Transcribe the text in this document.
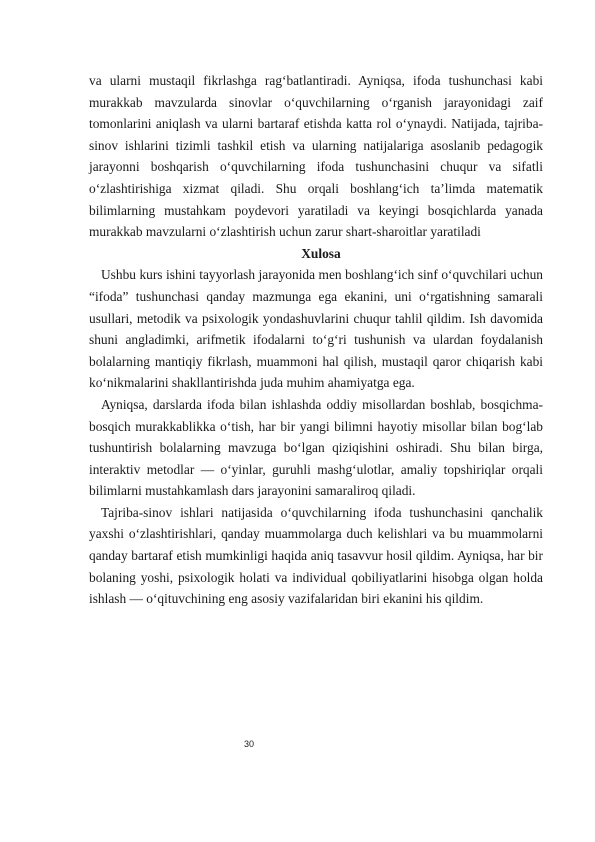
va ularni mustaqil fikrlashga rag‘batlantiradi. Ayniqsa, ifoda tushunchasi kabi murakkab mavzularda sinovlar o‘quvchilarning o‘rganish jarayonidagi zaif tomonlarini aniqlash va ularni bartaraf etishda katta rol o‘ynaydi. Natijada, tajriba-sinov ishlarini tizimli tashkil etish va ularning natijalariga asoslanib pedagogik jarayonni boshqarish o‘quvchilarning ifoda tushunchasini chuqur va sifatli o‘zlashtirishiga xizmat qiladi. Shu orqali boshlang‘ich ta’limda matematik bilimlarning mustahkam poydevori yaratiladi va keyingi bosqichlarda yanada murakkab mavzularni o‘zlashtirish uchun zarur shart-sharoitlar yaratiladi

Xulosa

Ushbu kurs ishini tayyorlash jarayonida men boshlang‘ich sinf o‘quvchilari uchun “ifoda” tushunchasi qanday mazmunga ega ekanini, uni o‘rgatishning samarali usullari, metodik va psixologik yondashuvlarini chuqur tahlil qildim. Ish davomida shuni angladimki, arifmetik ifodalarni to‘g‘ri tushunish va ulardan foydalanish bolalarning mantiqiy fikrlash, muammoni hal qilish, mustaqil qaror chiqarish kabi ko‘nikmalarini shakllantirishda juda muhim ahamiyatga ega.

Ayniqsa, darslarda ifoda bilan ishlashda oddiy misollardan boshlab, bosqichma-bosqich murakkablikka o‘tish, har bir yangi bilimni hayotiy misollar bilan bog‘lab tushuntirish bolalarning mavzuga bo‘lgan qiziqishini oshiradi. Shu bilan birga, interaktiv metodlar — o‘yinlar, guruhli mashg‘ulotlar, amaliy topshiriqlar orqali bilimlarni mustahkamlash dars jarayonini samaraliroq qiladi.

Tajriba-sinov ishlari natijasida o‘quvchilarning ifoda tushunchasini qanchalik yaxshi o‘zlashtirishlari, qanday muammolarga duch kelishlari va bu muammolarni qanday bartaraf etish mumkinligi haqida aniq tasavvur hosil qildim. Ayniqsa, har bir bolaning yoshi, psixologik holati va individual qobiliyatlarini hisobga olgan holda ishlash — o‘qituvchining eng asosiy vazifalaridan biri ekanini his qildim.

30
